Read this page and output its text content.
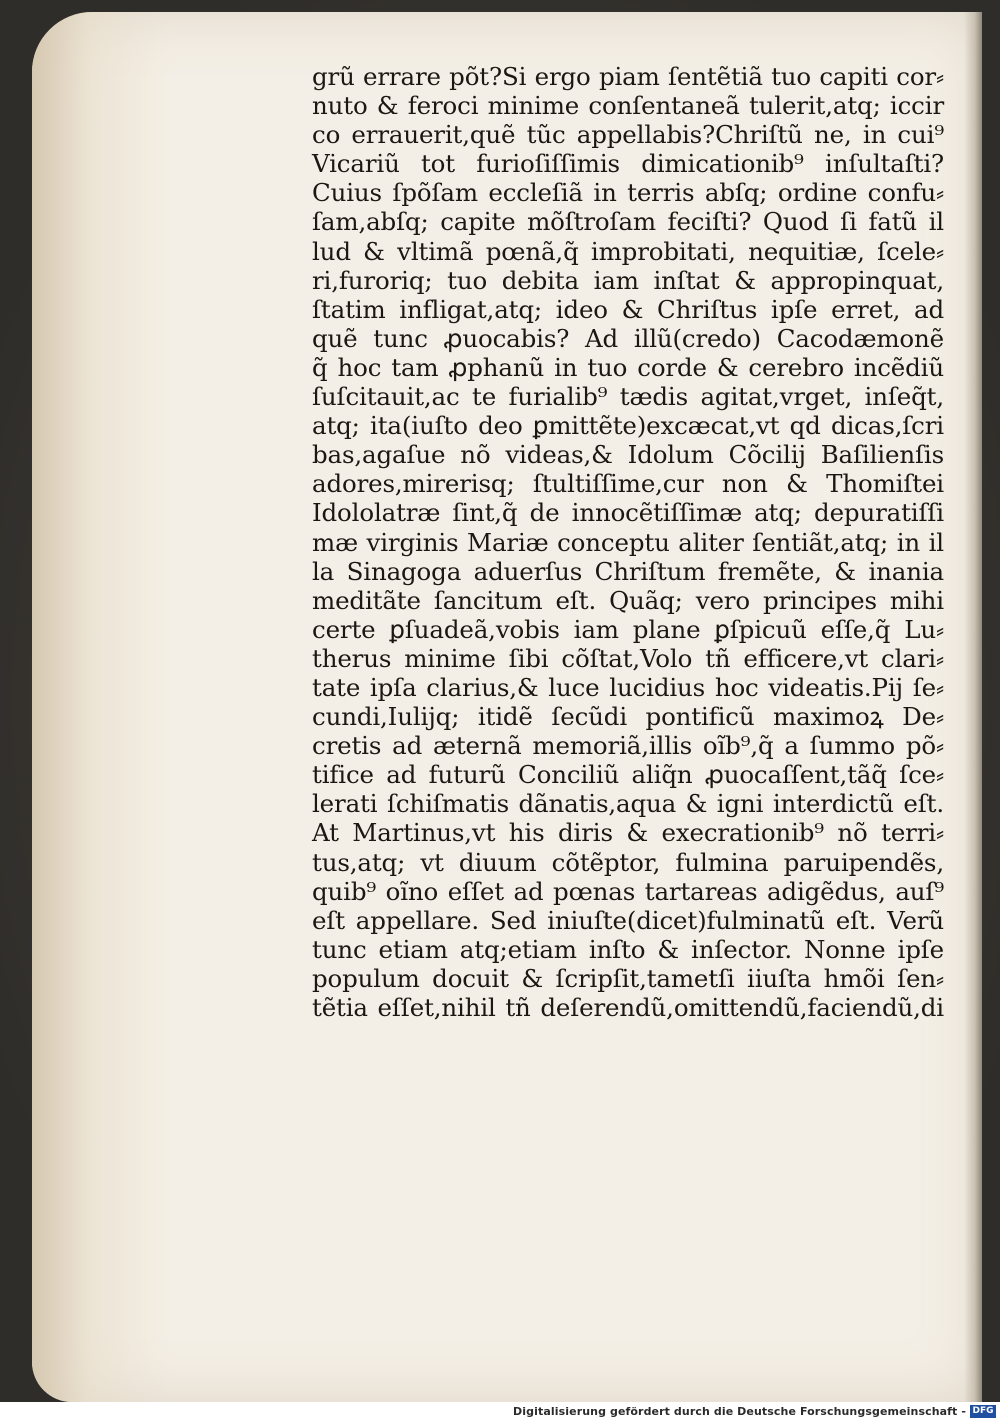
grũ errare põt?Si ergo piam ſentẽtiã tuo capiti cor⸗
nuto & feroci minime conſentaneã tulerit,atq; iccir
co errauerit,quẽ tũc appellabis?Chriſtũ ne, in cui⁹
Vicariũ tot furioſiſſimis dimicationib⁹ inſultaſti?
Cuius ſpõſam eccleſiã in terris abſq; ordine confu⸗
ſam,abſq; capite mõſtroſam feciſti? Quod ſi fatũ il
lud & vltimã pœnã,q̃ improbitati, nequitiæ, ſcele⸗
ri,furoriq; tuo debita iam inſtat & appropinquat,
ſtatim infligat,atq; ideo & Chriſtus ipſe erret, ad
quẽ tunc ꝓuocabis? Ad illũ(credo) Cacodæmonẽ
q̃ hoc tam ꝓphanũ in tuo corde & cerebro incẽdiũ
ſuſcitauit,ac te furialib⁹ tædis agitat,vrget, inſeq̃t,
atq; ita(iuſto deo ꝑmittẽte)excæcat,vt qd dicas,ſcri
bas,agaſue nõ videas,& Idolum Cõcilij Baſilienſis
adores,mirerisq; ſtultiſſime,cur non & Thomiſtei
Idololatræ ſint,q̃ de innocẽtiſſimæ atq; depuratiſſi
mæ virginis Mariæ conceptu aliter ſentiãt,atq; in il
la Sinagoga aduerſus Chriſtum fremẽte, & inania
meditãte ſancitum eſt. Quãq; vero principes mihi
certe ꝑſuadeã,vobis iam plane ꝑſpicuũ eſſe,q̃ Lu⸗
therus minime ſibi cõſtat,Volo tñ efficere,vt clari⸗
tate ipſa clarius,& luce lucidius hoc videatis.Pij ſe⸗
cundi,Iulijq; itidẽ ſecũdi pontificũ maximoꝝ De⸗
cretis ad æternã memoriã,illis oĩb⁹,q̃ a ſummo põ⸗
tifice ad futurũ Conciliũ aliq̃n ꝓuocaſſent,tãq̃ ſce⸗
lerati ſchiſmatis dãnatis,aqua & igni interdictũ eſt.
At Martinus,vt his diris & execrationib⁹ nõ terri⸗
tus,atq; vt diuum cõtẽptor, fulmina paruipendẽs,
quib⁹ oĩno eſſet ad pœnas tartareas adigẽdus, auſ⁹
eſt appellare. Sed iniuſte(dicet)fulminatũ eſt. Verũ
tunc etiam atq;etiam inſto & inſector. Nonne ipſe
populum docuit & ſcripſit,tametſi iiuſta hmõi ſen⸗
tẽtia eſſet,nihil tñ deſerendũ,omittendũ,faciendũ,di
Digitalisierung gefördert durch die Deutsche Forschungsgemeinschaft - DFG
